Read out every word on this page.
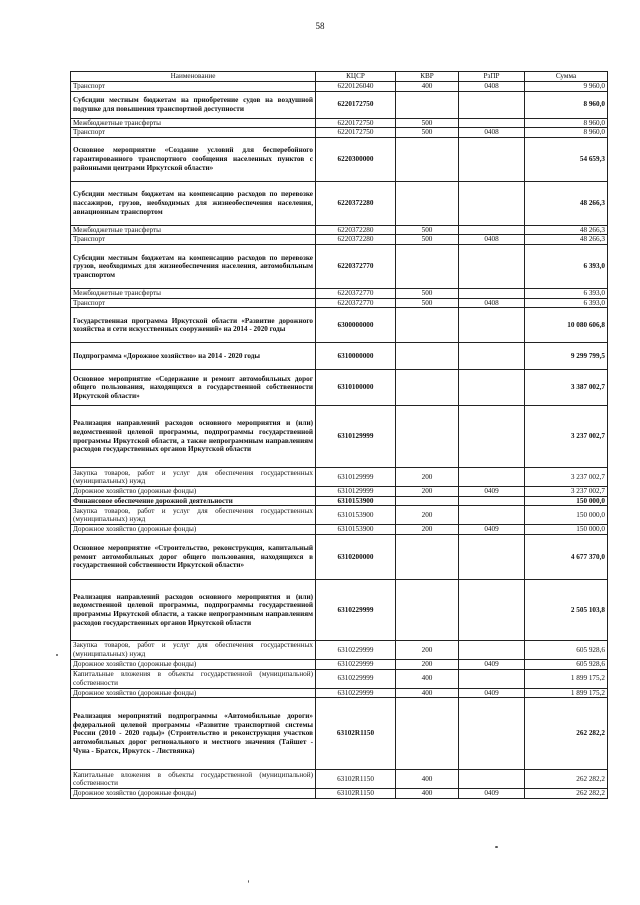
58
Наименование	КЦСР	КВР	РзПР	Сумма
Транспорт	6220126040	400	0408	9 960,0
Субсидии местным бюджетам на приобретение судов на воздушной подушке для повышения транспортной доступности	6220172750			8 960,0
Межбюджетные трансферты	6220172750	500		8 960,0
Транспорт	6220172750	500	0408	8 960,0
Основное мероприятие «Создание условий для бесперебойного гарантированного транспортного сообщения населенных пунктов с районными центрами Иркутской области»	6220300000			54 659,3
Субсидии местным бюджетам на компенсацию расходов по перевозке пассажиров, грузов, необходимых для жизнеобеспечения населения, авиационным транспортом	6220372280			48 266,3
Межбюджетные трансферты	6220372280	500		48 266,3
Транспорт	6220372280	500	0408	48 266,3
Субсидии местным бюджетам на компенсацию расходов по перевозке грузов, необходимых для жизнеобеспечения населения, автомобильным транспортом	6220372770			6 393,0
Межбюджетные трансферты	6220372770	500		6 393,0
Транспорт	6220372770	500	0408	6 393,0
Государственная программа Иркутской области «Развитие дорожного хозяйства и сети искусственных сооружений» на 2014 - 2020 годы	6300000000			10 080 606,8
Подпрограмма «Дорожное хозяйство» на 2014 - 2020 годы	6310000000			9 299 799,5
Основное мероприятие «Содержание и ремонт автомобильных дорог общего пользования, находящихся в государственной собственности Иркутской области»	6310100000			3 387 002,7
Реализация направлений расходов основного мероприятия и (или) ведомственной целевой программы, подпрограммы государственной программы Иркутской области, а также непрограммным направлениям расходов государственных органов Иркутской области	6310129999			3 237 002,7
Закупка товаров, работ и услуг для обеспечения государственных (муниципальных) нужд	6310129999	200		3 237 002,7
Дорожное хозяйство (дорожные фонды)	6310129999	200	0409	3 237 002,7
Финансовое обеспечение дорожной деятельности	6310153900			150 000,0
Закупка товаров, работ и услуг для обеспечения государственных (муниципальных) нужд	6310153900	200		150 000,0
Дорожное хозяйство (дорожные фонды)	6310153900	200	0409	150 000,0
Основное мероприятие «Строительство, реконструкция, капитальный ремонт автомобильных дорог общего пользования, находящихся в государственной собственности Иркутской области»	6310200000			4 677 370,0
Реализация направлений расходов основного мероприятия и (или) ведомственной целевой программы, подпрограммы государственной программы Иркутской области, а также непрограммным направлениям расходов государственных органов Иркутской области	6310229999			2 505 103,8
Закупка товаров, работ и услуг для обеспечения государственных (муниципальных) нужд	6310229999	200		605 928,6
Дорожное хозяйство (дорожные фонды)	6310229999	200	0409	605 928,6
Капитальные вложения в объекты государственной (муниципальной) собственности	6310229999	400		1 899 175,2
Дорожное хозяйство (дорожные фонды)	6310229999	400	0409	1 899 175,2
Реализация мероприятий подпрограммы «Автомобильные дороги» федеральной целевой программы «Развитие транспортной системы России (2010 - 2020 годы)» (Строительство и реконструкция участков автомобильных дорог регионального и местного значения (Тайшет - Чуна - Братск, Иркутск - Листвянка)	63102R1150			262 282,2
Капитальные вложения в объекты государственной (муниципальной) собственности	63102R1150	400		262 282,2
Дорожное хозяйство (дорожные фонды)	63102R1150	400	0409	262 282,2
